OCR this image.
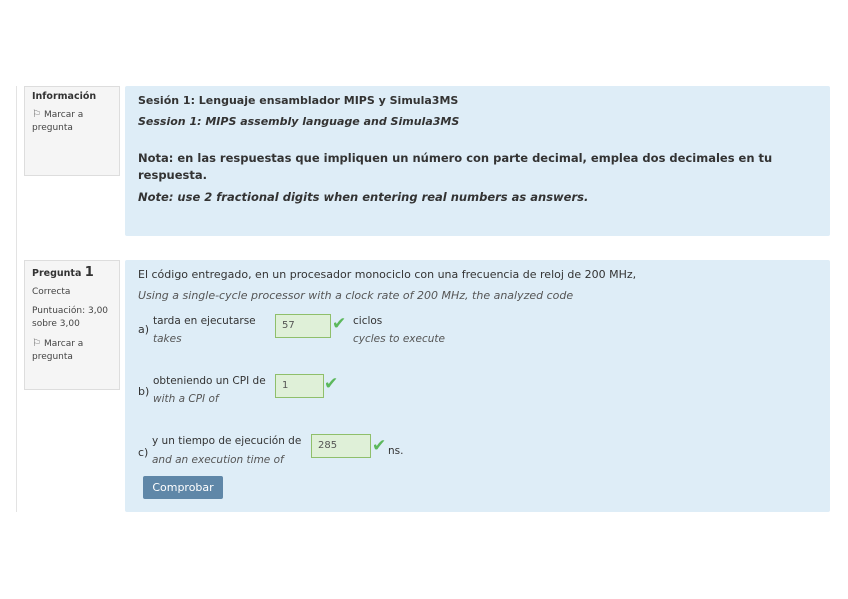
Información
⚐ Marcar a pregunta
Sesión 1: Lenguaje ensamblador MIPS y Simula3MS
Session 1: MIPS assembly language and Simula3MS
Nota: en las respuestas que impliquen un número con parte decimal, emplea dos decimales en tu respuesta.
Note: use 2 fractional digits when entering real numbers as answers.
Pregunta 1
Correcta
Puntuación: 3,00 sobre 3,00
⚐ Marcar a pregunta
El código entregado, en un procesador monociclo con una frecuencia de reloj de 200 MHz,
Using a single-cycle processor with a clock rate of 200 MHz, the analyzed code
a)
tarda en ejecutarse
takes
57	✔ ciclos
cycles to execute
b)
obteniendo un CPI de
with a CPI of
1	✔
c)
y un tiempo de ejecución de
and an execution time of
285	✔ ns.
Comprobar
